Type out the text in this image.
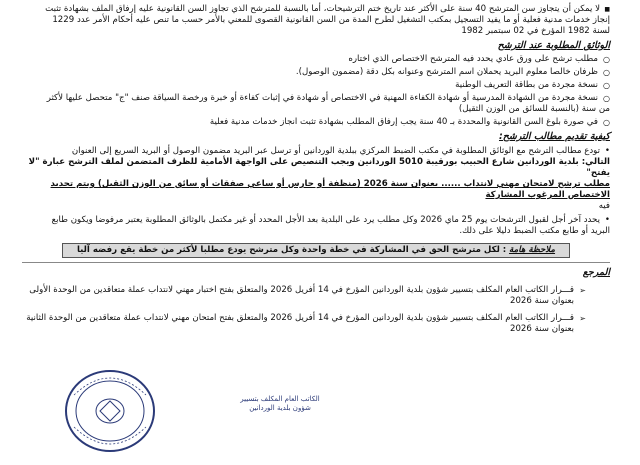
■ لا يمكن أن يتجاوز سن المترشح 40 سنة على الأكثر عند تاريخ ختم الترشيحات، أما بالنسبة للمترشح الذي تجاوز السن القانونية عليه إرفاق الملف بشهادة تثبت
إنجاز خدمات مدنية فعلية أو ما يفيد التسجيل بمكتب التشغيل لطرح المدة من السن القانونية القصوى للمعني بالأمر حسب ما تنص عليه أحكام الأمر عدد 1229
لسنة 1982 المؤرخ في 02 سبتمبر 1982
الوثائق المطلوبة عند الترشح
○ مطلب ترشح على ورق عادي يحدد فيه المترشح الاختصاص الذي اختاره
○ ظرفان خالصا معلوم البريد يحملان اسم المترشح وعنوانه بكل دقة (مضمون الوصول).
○ نسخة مجردة من بطاقة التعريف الوطنية
○ نسخة مجردة من الشهادة المدرسية أو شهادة الكفاءة المهنية في الاختصاص أو شهادة في إثبات كفاءة أو خبرة ورخصة السياقة صنف "ج" متحصل عليها لأكثر
من سنة (بالنسبة للسائق من الوزن الثقيل)
○ في صورة بلوغ السن القانونية والمحددة بـ 40 سنة يجب إرفاق المطلب بشهادة تثبت انجاز خدمات مدنية فعلية
كيفية تقديم مطالب الترشح:
• تودع مطالب الترشح مع الوثائق المطلوبة في مكتب الضبط المركزي ببلدية الوردانين أو ترسل عبر البريد مضمون الوصول أو البريد السريع إلى العنوان
التالي: بلدية الوردانين شارع الحبيب بورقيبة 5010 الوردانين ويجب التنصيص على الواجهة الأمامية للظرف المتضمن لملف الترشح عبارة "لا يفتح"
مطلب ترشح لامتحان مهني لانتداب ...... بعنوان سنة 2026 (منظفة أو حارس أو ساعي صفقات أو سائق من الوزن الثقيل) ويتم تحديد الاختصاص المرغوب المشاركة
فيه
• يحدد آخر أجل لقبول الترشحات يوم 25 ماي 2026 وكل مطلب يرد على البلدية بعد الأجل المحدد أو غير مكتمل بالوثائق المطلوبة يعتبر مرفوضا ويكون طابع
البريد أو طابع مكتب الضبط دليلا على ذلك.
ملاحظة هامة : لكل مترشح الحق في المشاركة في خطة واحدة وكل مترشح يودع مطلبا لأكثر من خطة يقع رفضه آليا
المرجع
➢ قـــرار الكاتب العام المكلف بتسيير شؤون بلدية الوردانين المؤرخ في 14 أفريل 2026 والمتعلق بفتح اختبار مهني لانتداب عملة متعاقدين من الوحدة الأولى
بعنوان سنة 2026
➢ قـــرار الكاتب العام المكلف بتسيير شؤون بلدية الوردانين المؤرخ في 14 أفريل 2026 والمتعلق بفتح امتحان مهني لانتداب عملة متعاقدين من الوحدة الثانية
بعنوان سنة 2026
الكاتب العام المكلف بتسيير
شؤون بلدية الوردانين
